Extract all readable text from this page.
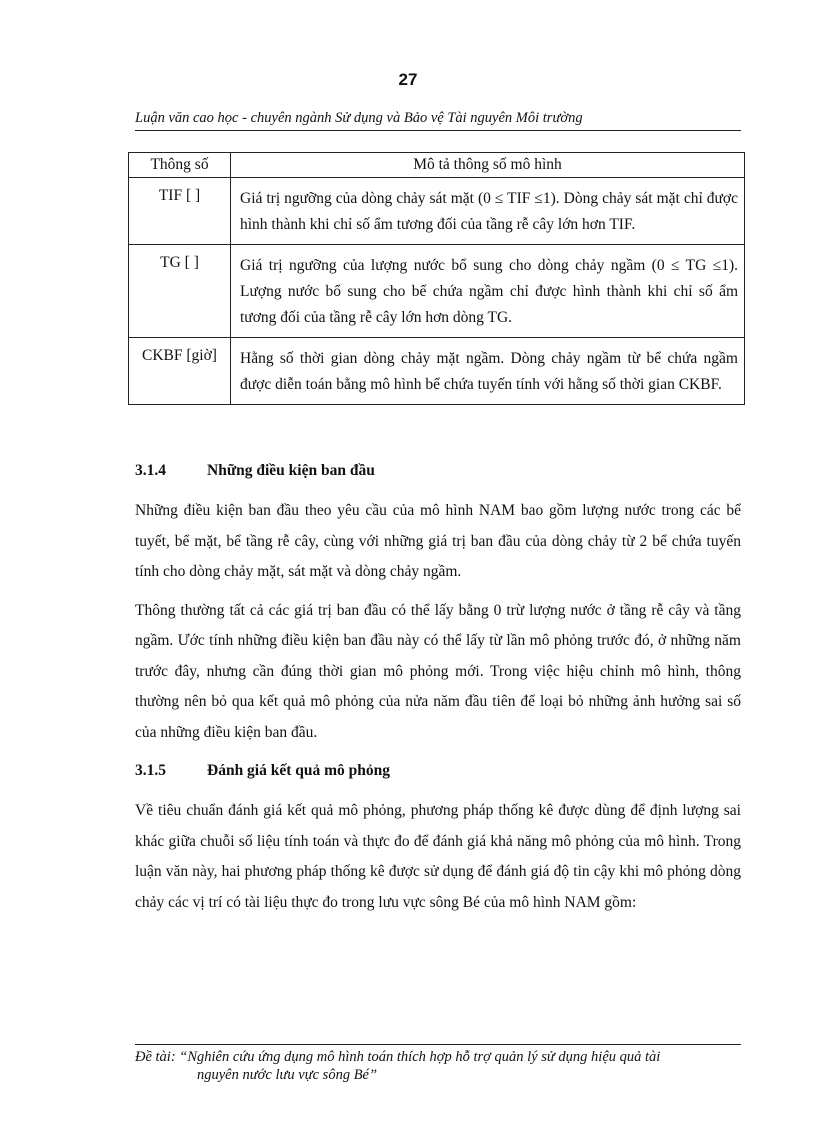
27
Luận văn cao học - chuyên ngành Sử dụng và Bảo vệ Tài nguyên Môi trường
Thông số	Mô tả thông số mô hình
TIF [ ]	Giá trị ngưỡng của dòng chảy sát mặt (0 ≤ TIF ≤1). Dòng chảy sát mặt chỉ được hình thành khi chỉ số ẩm tương đối của tầng rễ cây lớn hơn TIF.
TG [ ]	Giá trị ngưỡng của lượng nước bổ sung cho dòng chảy ngầm (0 ≤ TG ≤1). Lượng nước bổ sung cho bể chứa ngầm chỉ được hình thành khi chỉ số ẩm tương đối của tầng rễ cây lớn hơn dòng TG.
CKBF [giờ]	Hằng số thời gian dòng chảy mặt ngầm. Dòng chảy ngầm từ bể chứa ngầm được diễn toán bằng mô hình bể chứa tuyến tính với hằng số thời gian CKBF.
3.1.4	Những điều kiện ban đầu

Những điều kiện ban đầu theo yêu cầu của mô hình NAM bao gồm lượng nước trong các bể tuyết, bể mặt, bể tầng rễ cây, cùng với những giá trị ban đầu của dòng chảy từ 2 bể chứa tuyến tính cho dòng chảy mặt, sát mặt và dòng chảy ngầm.

Thông thường tất cả các giá trị ban đầu có thể lấy bằng 0 trừ lượng nước ở tầng rễ cây và tầng ngầm. Ước tính những điều kiện ban đầu này có thể lấy từ lần mô phỏng trước đó, ở những năm trước đây, nhưng cần đúng thời gian mô phỏng mới. Trong việc hiệu chỉnh mô hình, thông thường nên bỏ qua kết quả mô phỏng của nửa năm đầu tiên để loại bỏ những ảnh hưởng sai số của những điều kiện ban đầu.

3.1.5	Đánh giá kết quả mô phỏng

Về tiêu chuẩn đánh giá kết quả mô phỏng, phương pháp thống kê được dùng để định lượng sai khác giữa chuỗi số liệu tính toán và thực đo để đánh giá khả năng mô phỏng của mô hình. Trong luận văn này, hai phương pháp thống kê được sử dụng để đánh giá độ tin cậy khi mô phỏng dòng chảy các vị trí có tài liệu thực đo trong lưu vực sông Bé của mô hình NAM gồm:

Đề tài: “Nghiên cứu ứng dụng mô hình toán thích hợp hỗ trợ quản lý sử dụng hiệu quả tài
nguyên nước lưu vực sông Bé”
